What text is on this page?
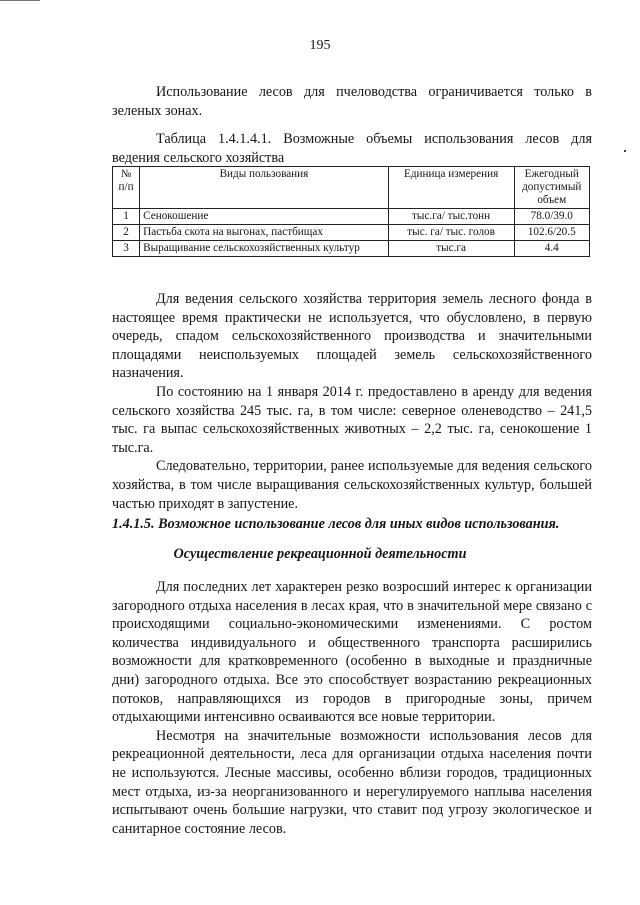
195

Использование лесов для пчеловодства ограничивается только в зеленых зонах.

Таблица 1.4.1.4.1. Возможные объемы использования лесов для ведения сельского хозяйства

№ п/п	Виды пользования	Единица измерения	Ежегодный допустимый объем
1	Сенокошение	тыс.га/ тыс.тонн	78.0/39.0
2	Пастьба скота на выгонах, пастбищах	тыс. га/ тыс. голов	102.6/20.5
3	Выращивание сельскохозяйственных культур	тыс.га	4.4

Для ведения сельского хозяйства территория земель лесного фонда в настоящее время практически не используется, что обусловлено, в первую очередь, спадом сельскохозяйственного производства и значительными площадями неиспользуемых площадей земель сельскохозяйственного назначения.

По состоянию на 1 января 2014 г. предоставлено в аренду для ведения сельского хозяйства 245 тыс. га, в том числе: северное оленеводство – 241,5 тыс. га выпас сельскохозяйственных животных – 2,2 тыс. га, сенокошение 1 тыс.га.

Следовательно, территории, ранее используемые для ведения сельского хозяйства, в том числе выращивания сельскохозяйственных культур, большей частью приходят в запустение.

1.4.1.5. Возможное использование лесов для иных видов использования.
Осуществление рекреационной деятельности

Для последних лет характерен резко возросший интерес к организации загородного отдыха населения в лесах края, что в значительной мере связано с происходящими социально-экономическими изменениями. С ростом количества индивидуального и общественного транспорта расширились возможности для кратковременного (особенно в выходные и праздничные дни) загородного отдыха. Все это способствует возрастанию рекреационных потоков, направляющихся из городов в пригородные зоны, причем отдыхающими интенсивно осваиваются все новые территории.

Несмотря на значительные возможности использования лесов для рекреационной деятельности, леса для организации отдыха населения почти не используются. Лесные массивы, особенно вблизи городов, традиционных мест отдыха, из-за неорганизованного и нерегулируемого наплыва населения испытывают очень большие нагрузки, что ставит под угрозу экологическое и санитарное состояние лесов.
